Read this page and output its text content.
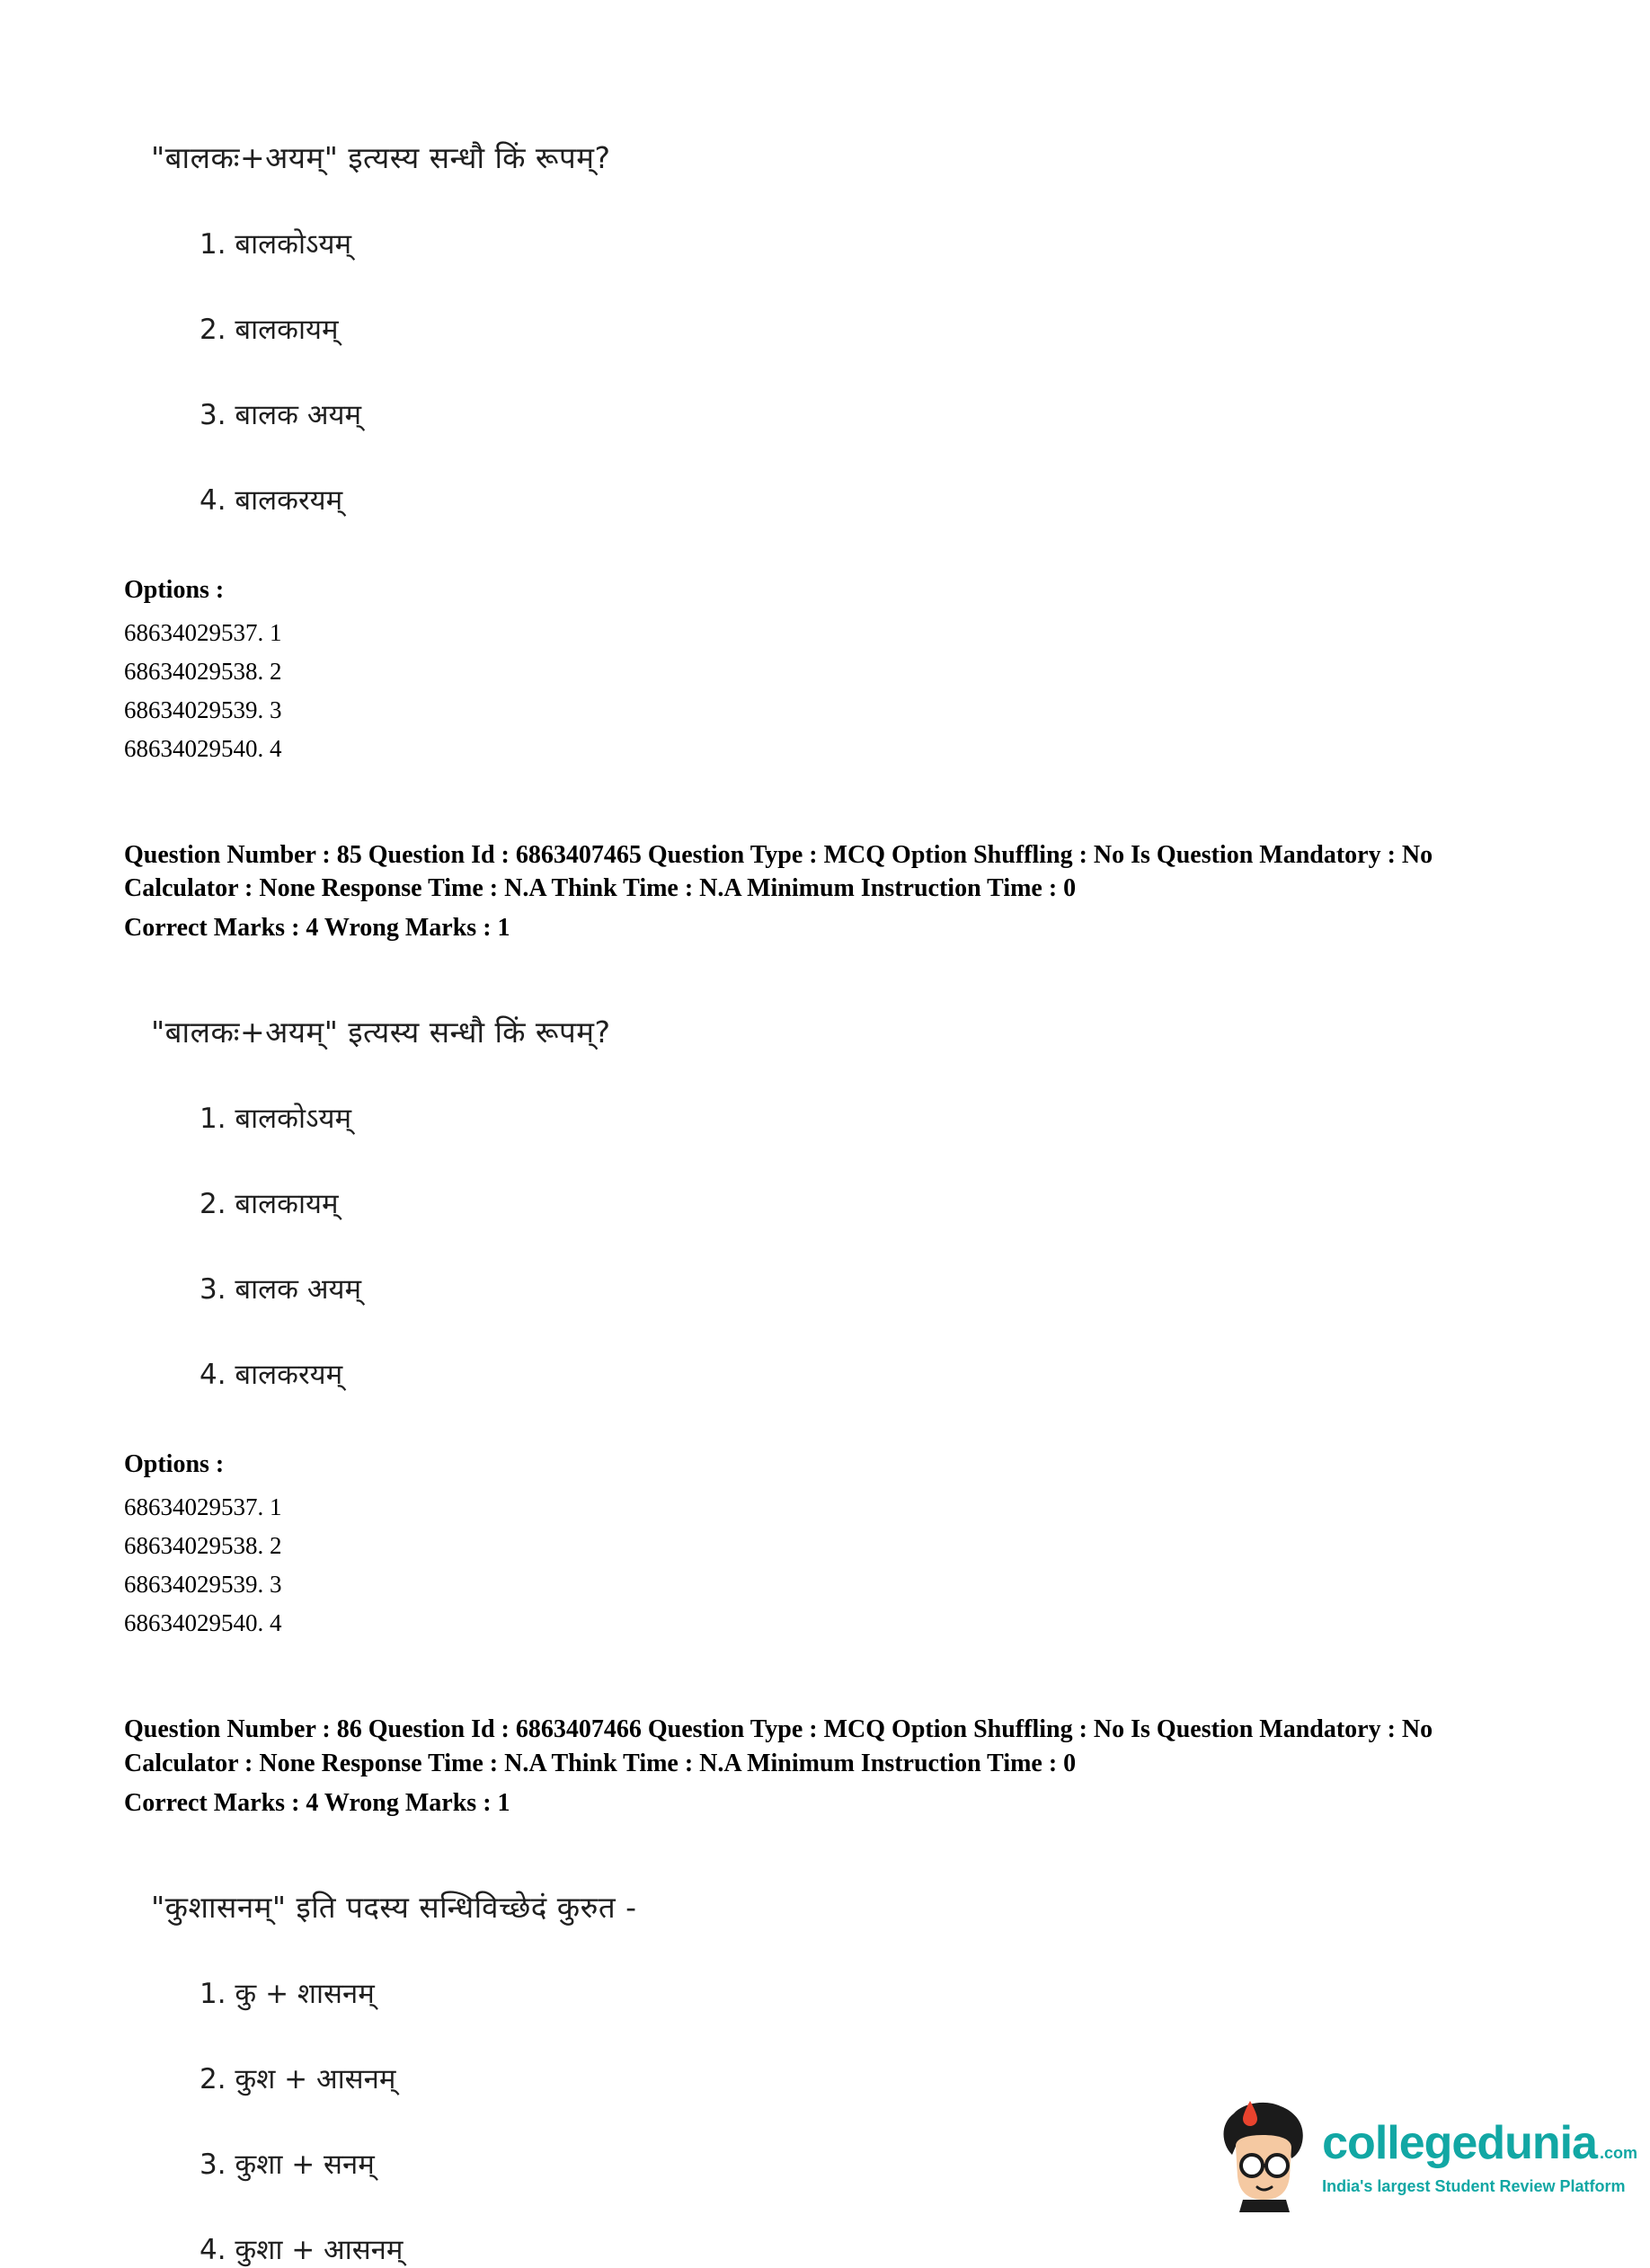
"बालकः+अयम्" इत्यस्य सन्धौ किं रूपम्?
1. बालकोऽयम्
2. बालकायम्
3. बालक अयम्
4. बालकरयम्
Options :
68634029537. 1
68634029538. 2
68634029539. 3
68634029540. 4
Question Number : 85 Question Id : 6863407465 Question Type : MCQ Option Shuffling : No Is Question Mandatory : No Calculator : None Response Time : N.A Think Time : N.A Minimum Instruction Time : 0
Correct Marks : 4 Wrong Marks : 1
"बालकः+अयम्" इत्यस्य सन्धौ किं रूपम्?
1. बालकोऽयम्
2. बालकायम्
3. बालक अयम्
4. बालकरयम्
Options :
68634029537. 1
68634029538. 2
68634029539. 3
68634029540. 4
Question Number : 86 Question Id : 6863407466 Question Type : MCQ Option Shuffling : No Is Question Mandatory : No Calculator : None Response Time : N.A Think Time : N.A Minimum Instruction Time : 0
Correct Marks : 4 Wrong Marks : 1
"कुशासनम्" इति पदस्य सन्धिविच्छेदं कुरुत -
1. कु + शासनम्
2. कुश + आसनम्
3. कुशा + सनम्
4. कुशा + आसनम्
collegedunia .com
India's largest Student Review Platform
